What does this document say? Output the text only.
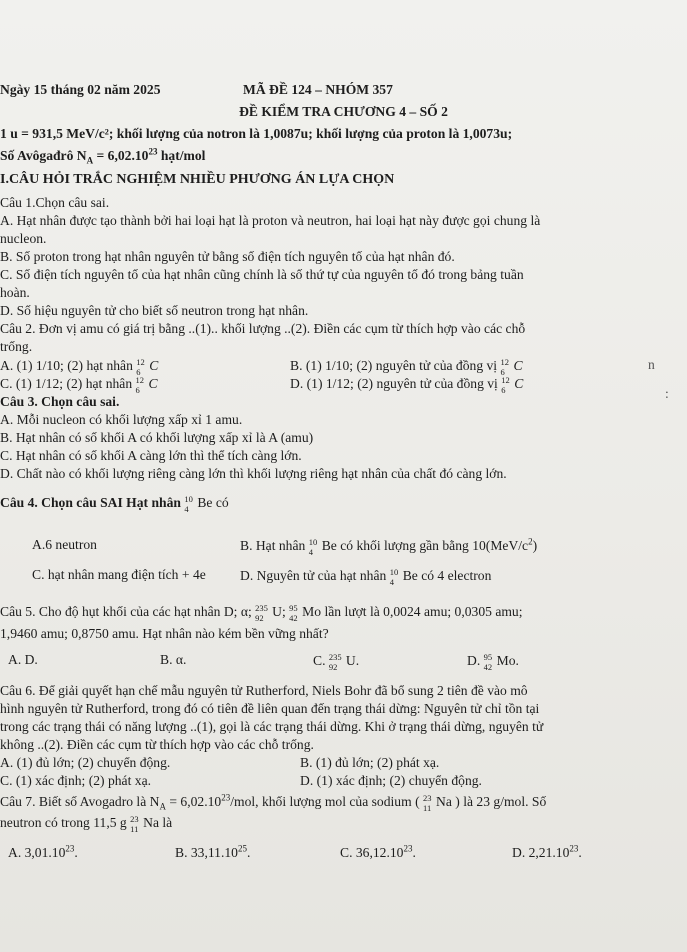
Ngày 15 tháng 02 năm 2025	MÃ ĐỀ 124 – NHÓM 357
ĐỀ KIỂM TRA CHƯƠNG 4 – SỐ 2
1 u = 931,5 MeV/c²; khối lượng của notron là 1,0087u; khối lượng của proton là 1,0073u;
Số Avôgađrô $N_A = 6,02.10^{23}$ hạt/mol
I.CÂU HỎI TRẮC NGHIỆM NHIỀU PHƯƠNG ÁN LỰA CHỌN
Câu 1.Chọn câu sai.
A. Hạt nhân được tạo thành bởi hai loại hạt là proton và neutron, hai loại hạt này được gọi chung là
nucleon.
B. Số proton trong hạt nhân nguyên tử bằng số điện tích nguyên tố của hạt nhân đó.
C. Số điện tích nguyên tố của hạt nhân cũng chính là số thứ tự của nguyên tố đó trong bảng tuần
hoàn.
D. Số hiệu nguyên tử cho biết số neutron trong hạt nhân.
Câu 2. Đơn vị amu có giá trị bằng ..(1).. khối lượng ..(2). Điền các cụm từ thích hợp vào các chỗ
trống.
A. (1) 1/10; (2) hạt nhân 12
6 C	B. (1) 1/10; (2) nguyên tử của đồng vị 12
6 C
C. (1) 1/12; (2) hạt nhân 12
6 C	D. (1) 1/12; (2) nguyên tử của đồng vị 12
6 C
n
:
Câu 3. Chọn câu sai.
A. Mỗi nucleon có khối lượng xấp xỉ 1 amu.
B. Hạt nhân có số khối A có khối lượng xấp xỉ là A (amu)
C. Hạt nhân có số khối A càng lớn thì thể tích càng lớn.
D. Chất nào có khối lượng riêng càng lớn thì khối lượng riêng hạt nhân của chất đó càng lớn.
Câu 4. Chọn câu SAI Hạt nhân 10
4 Be có
A.6 neutron	B. Hạt nhân 10
4 Be có khối lượng gần bằng $10(MeV/c^2)$
C. hạt nhân mang điện tích + 4e	D. Nguyên tử của hạt nhân 10
4 Be có 4 electron
Câu 5. Cho độ hụt khối của các hạt nhân D; α; 235
92 U; 95
42 Mo lần lượt là 0,0024 amu; 0,0305 amu;
1,9460 amu; 0,8750 amu. Hạt nhân nào kém bền vững nhất?
A. D.	B. α.	C. 235
92 U.	D. 95
42 Mo.
Câu 6. Để giải quyết hạn chế mẫu nguyên tử Rutherford, Niels Bohr đã bổ sung 2 tiên đề vào mô
hình nguyên tử Rutherford, trong đó có tiên đề liên quan đến trạng thái dừng: Nguyên tử chỉ tồn tại
trong các trạng thái có năng lượng ..(1), gọi là các trạng thái dừng. Khi ở trạng thái dừng, nguyên tử
không ..(2). Điền các cụm từ thích hợp vào các chỗ trống.
A. (1) đủ lớn; (2) chuyển động.	B. (1) đủ lớn; (2) phát xạ.
C. (1) xác định; (2) phát xạ.	D. (1) xác định; (2) chuyển động.
Câu 7. Biết số Avogadro là $N_A = 6,02.10^{23}/mol$, khối lượng mol của sodium ( 23
11 Na ) là 23 g/mol. Số
neutron có trong 11,5 g 23
11 Na là
A. 3,01.10$^{23}$.	B. 33,11.10$^{25}$.	C. 36,12.10$^{23}$.	D. 2,21.10$^{23}$.
